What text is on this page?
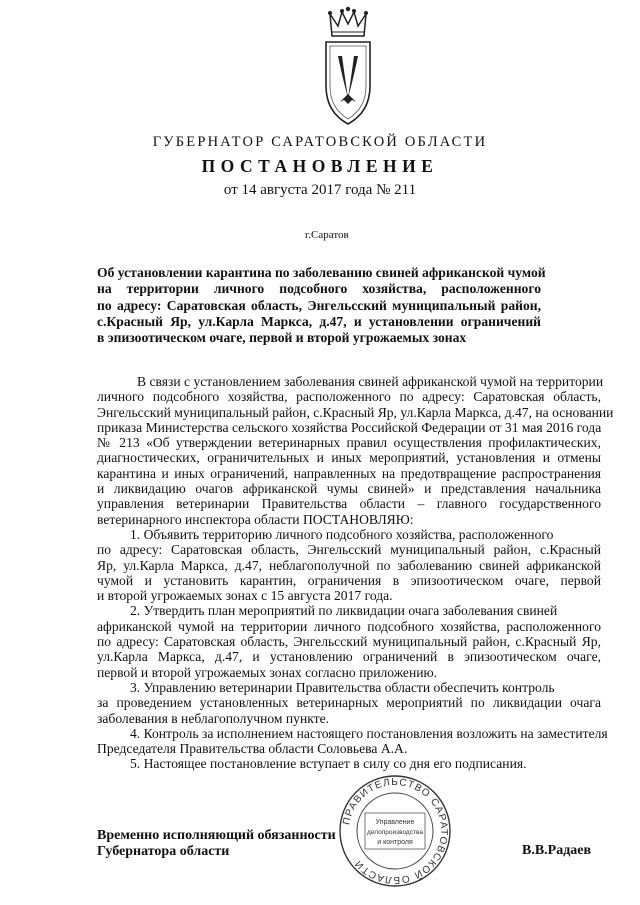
ГУБЕРНАТОР САРАТОВСКОЙ ОБЛАСТИ
ПОСТАНОВЛЕНИЕ
от 14 августа 2017 года № 211
г.Саратов
Об установлении карантина по заболеванию свиней африканской чумой
на территории личного подсобного хозяйства, расположенного
по адресу: Саратовская область, Энгельсский муниципальный район,
с.Красный Яр, ул.Карла Маркса, д.47, и установлении ограничений
в эпизоотическом очаге, первой и второй угрожаемых зонах
В связи с установлением заболевания свиней африканской чумой на территории
личного подсобного хозяйства, расположенного по адресу: Саратовская область,
Энгельсский муниципальный район, с.Красный Яр, ул.Карла Маркса, д.47, на основании
приказа Министерства сельского хозяйства Российской Федерации от 31 мая 2016 года
№ 213 «Об утверждении ветеринарных правил осуществления профилактических,
диагностических, ограничительных и иных мероприятий, установления и отмены
карантина и иных ограничений, направленных на предотвращение распространения
и ликвидацию очагов африканской чумы свиней» и представления начальника
управления ветеринарии Правительства области – главного государственного
ветеринарного инспектора области ПОСТАНОВЛЯЮ:
1. Объявить территорию личного подсобного хозяйства, расположенного
по адресу: Саратовская область, Энгельсский муниципальный район, с.Красный
Яр, ул.Карла Маркса, д.47, неблагополучной по заболеванию свиней африканской
чумой и установить карантин, ограничения в эпизоотическом очаге, первой
и второй угрожаемых зонах с 15 августа 2017 года.
2. Утвердить план мероприятий по ликвидации очага заболевания свиней
африканской чумой на территории личного подсобного хозяйства, расположенного
по адресу: Саратовская область, Энгельсский муниципальный район, с.Красный Яр,
ул.Карла Маркса, д.47, и установлению ограничений в эпизоотическом очаге,
первой и второй угрожаемых зонах согласно приложению.
3. Управлению ветеринарии Правительства области обеспечить контроль
за проведением установленных ветеринарных мероприятий по ликвидации очага
заболевания в неблагополучном пункте.
4. Контроль за исполнением настоящего постановления возложить на заместителя
Председателя Правительства области Соловьева А.А.
5. Настоящее постановление вступает в силу со дня его подписания.
Временно исполняющий обязанности
Губернатора области	В.В.Радаев
ПРАВИТЕЛЬСТВО САРАТОВСКОЙ ОБЛАСТИ
Управление
делопроизводства
и контроля
